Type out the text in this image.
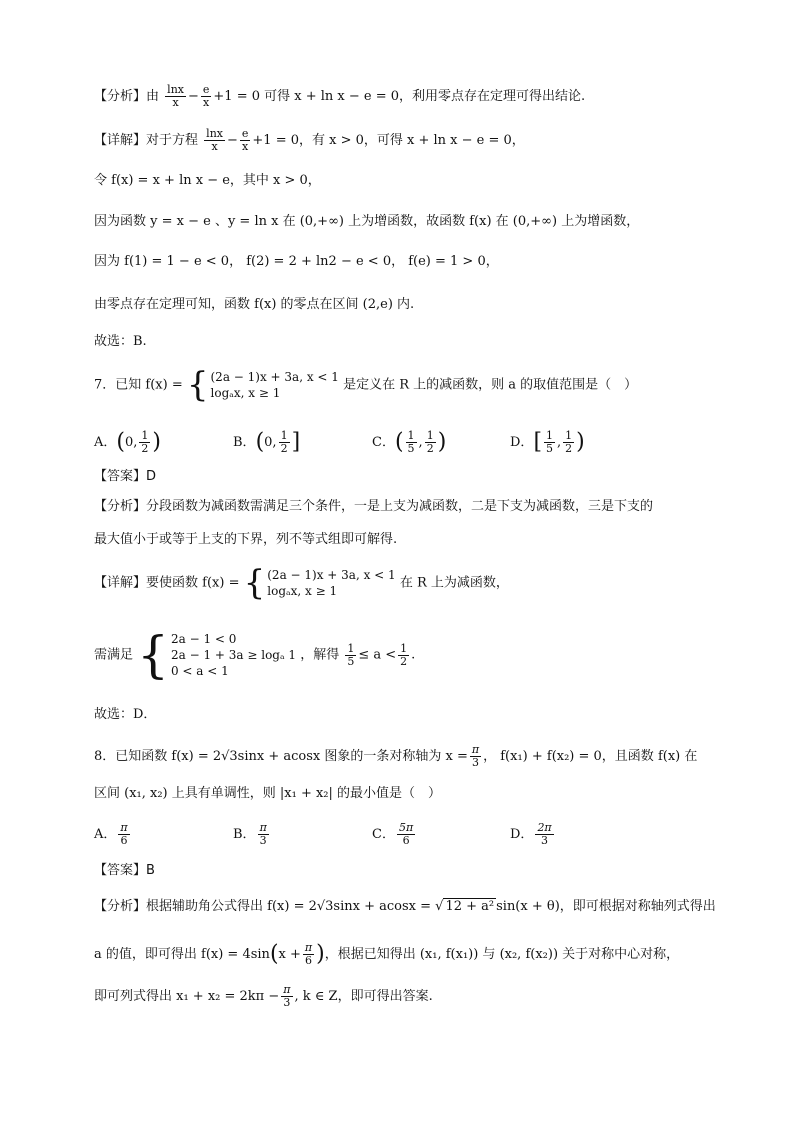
【分析】由 $\frac{\ln x}{x} - \frac{e}{x} +1 = 0$ 可得 x + ln x − e = 0，利用零点存在定理可得出结论.
【详解】对于方程 $\frac{\ln x}{x} - \frac{e}{x} +1 = 0$，有 x > 0，可得 x + ln x − e = 0，
令 f(x) = x + ln x − e，其中 x > 0，
因为函数 y = x − e 、y = ln x 在 (0,+∞) 上为增函数，故函数 f(x) 在 (0,+∞) 上为增函数，
因为 f(1) = 1 − e < 0， f(2) = 2 + ln2 − e < 0， f(e) = 1 > 0，
由零点存在定理可知，函数 f(x) 的零点在区间 (2,e) 内.
故选：B.
7．已知 f(x) = { (2a − 1)x + 3a, x < 1
logₐx, x ≥ 1
是定义在 R 上的减函数，则 a 的取值范围是（　）
A．(0, $\frac{1}{2}$ )	B．(0, $\frac{1}{2}$ ]	C．( $\frac{1}{5}$ , $\frac{1}{2}$ )	D．[ $\frac{1}{5}$ , $\frac{1}{2}$ )
【答案】D
【分析】分段函数为减函数需满足三个条件，一是上支为减函数，二是下支为减函数，三是下支的
最大值小于或等于上支的下界，列不等式组即可解得.
【详解】要使函数 f(x) = { (2a − 1)x + 3a, x < 1
logₐx, x ≥ 1
在 R 上为减函数，
需满足 { 2a − 1 < 0
2a − 1 + 3a ≥ logₐ 1
0 < a < 1
，解得 $\frac{1}{5} \le a < \frac{1}{2}$ .
故选：D．
8．已知函数 f(x) = 2√3sinx + acosx 图象的一条对称轴为 $x = \frac{\pi}{3}$ ， f(x₁) + f(x₂) = 0，且函数 f(x) 在
区间 (x₁, x₂) 上具有单调性，则 |x₁ + x₂| 的最小值是（　）
A． $\frac{\pi}{6}$	B． $\frac{\pi}{3}$	C． $\frac{5\pi}{6}$	D． $\frac{2\pi}{3}$
【答案】B
【分析】根据辅助角公式得出 f(x) = 2√3sinx + acosx = √ 12 + a² sin(x + θ)，即可根据对称轴列式得出
a 的值，即可得出 $f(x) = 4\sin(x + \frac{\pi}{6}$ )，根据已知得出 (x₁, f(x₁)) 与 (x₂, f(x₂)) 关于对称中心对称，
即可列式得出 $x_1 + x_2 = 2k\pi - \frac{\pi}{3}$ , k ∈ Z，即可得出答案.
